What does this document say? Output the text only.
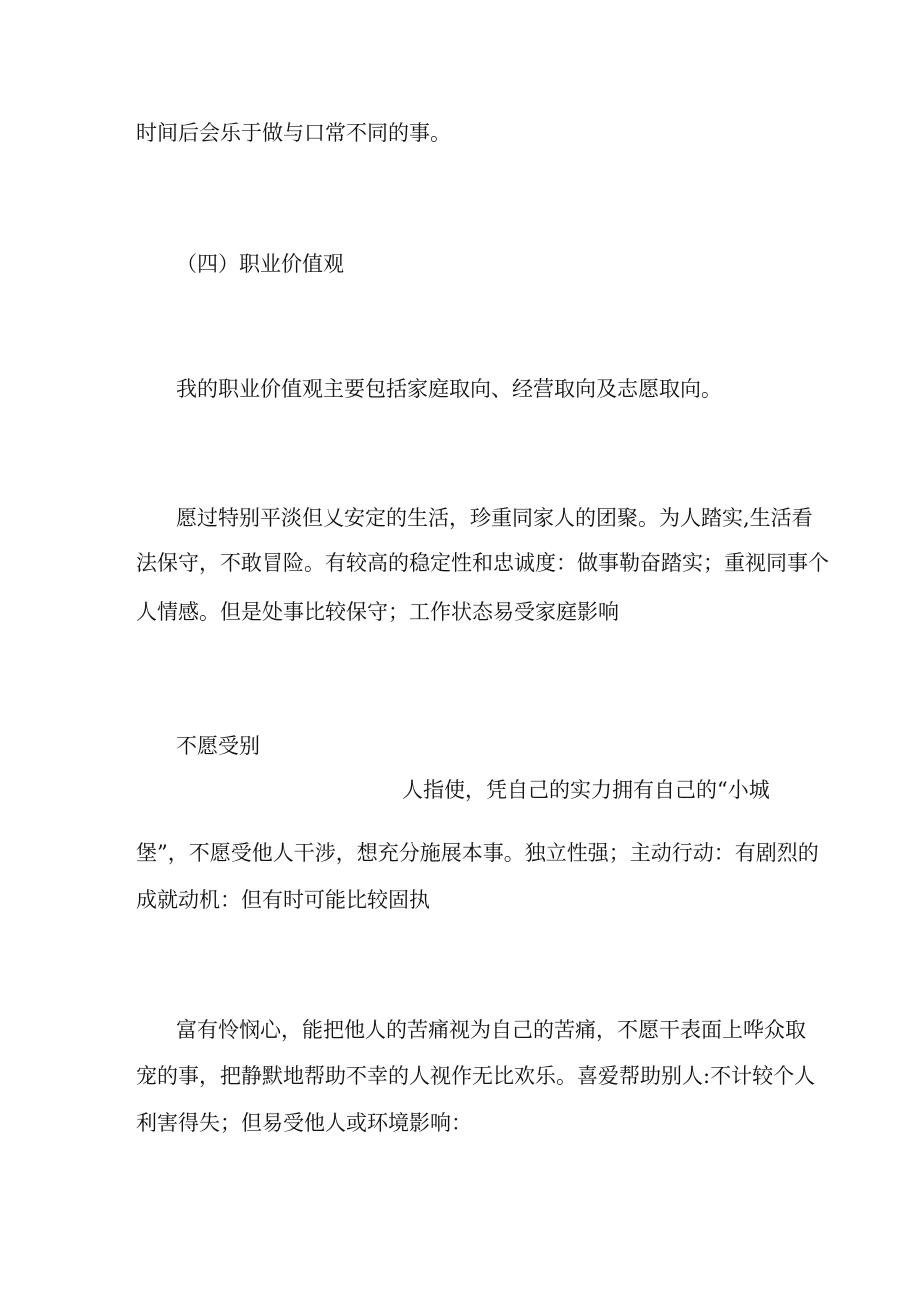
时间后会乐于做与口常不同的事。
（四）职业价值观
我的职业价值观主要包括家庭取向、经营取向及志愿取向。
愿过特别平淡但乂安定的生活，珍重同家人的团聚。为人踏实,生活看
法保守，不敢冒险。有较高的稳定性和忠诚度：做事勒奋踏实；重视同事个
人情感。但是处事比较保守；工作状态易受家庭影响
不愿受别
人指使，凭自己的实力拥有自己的“小城
堡”，不愿受他人干涉，想充分施展本事。独立性强；主动行动：有剧烈的
成就动机：但有时可能比较固执
富有怜悯心，能把他人的苦痛视为自己的苦痛，不愿干表面上哗众取
宠的事，把静默地帮助不幸的人视作无比欢乐。喜爱帮助别人:不计较个人
利害得失；但易受他人或环境影响：
